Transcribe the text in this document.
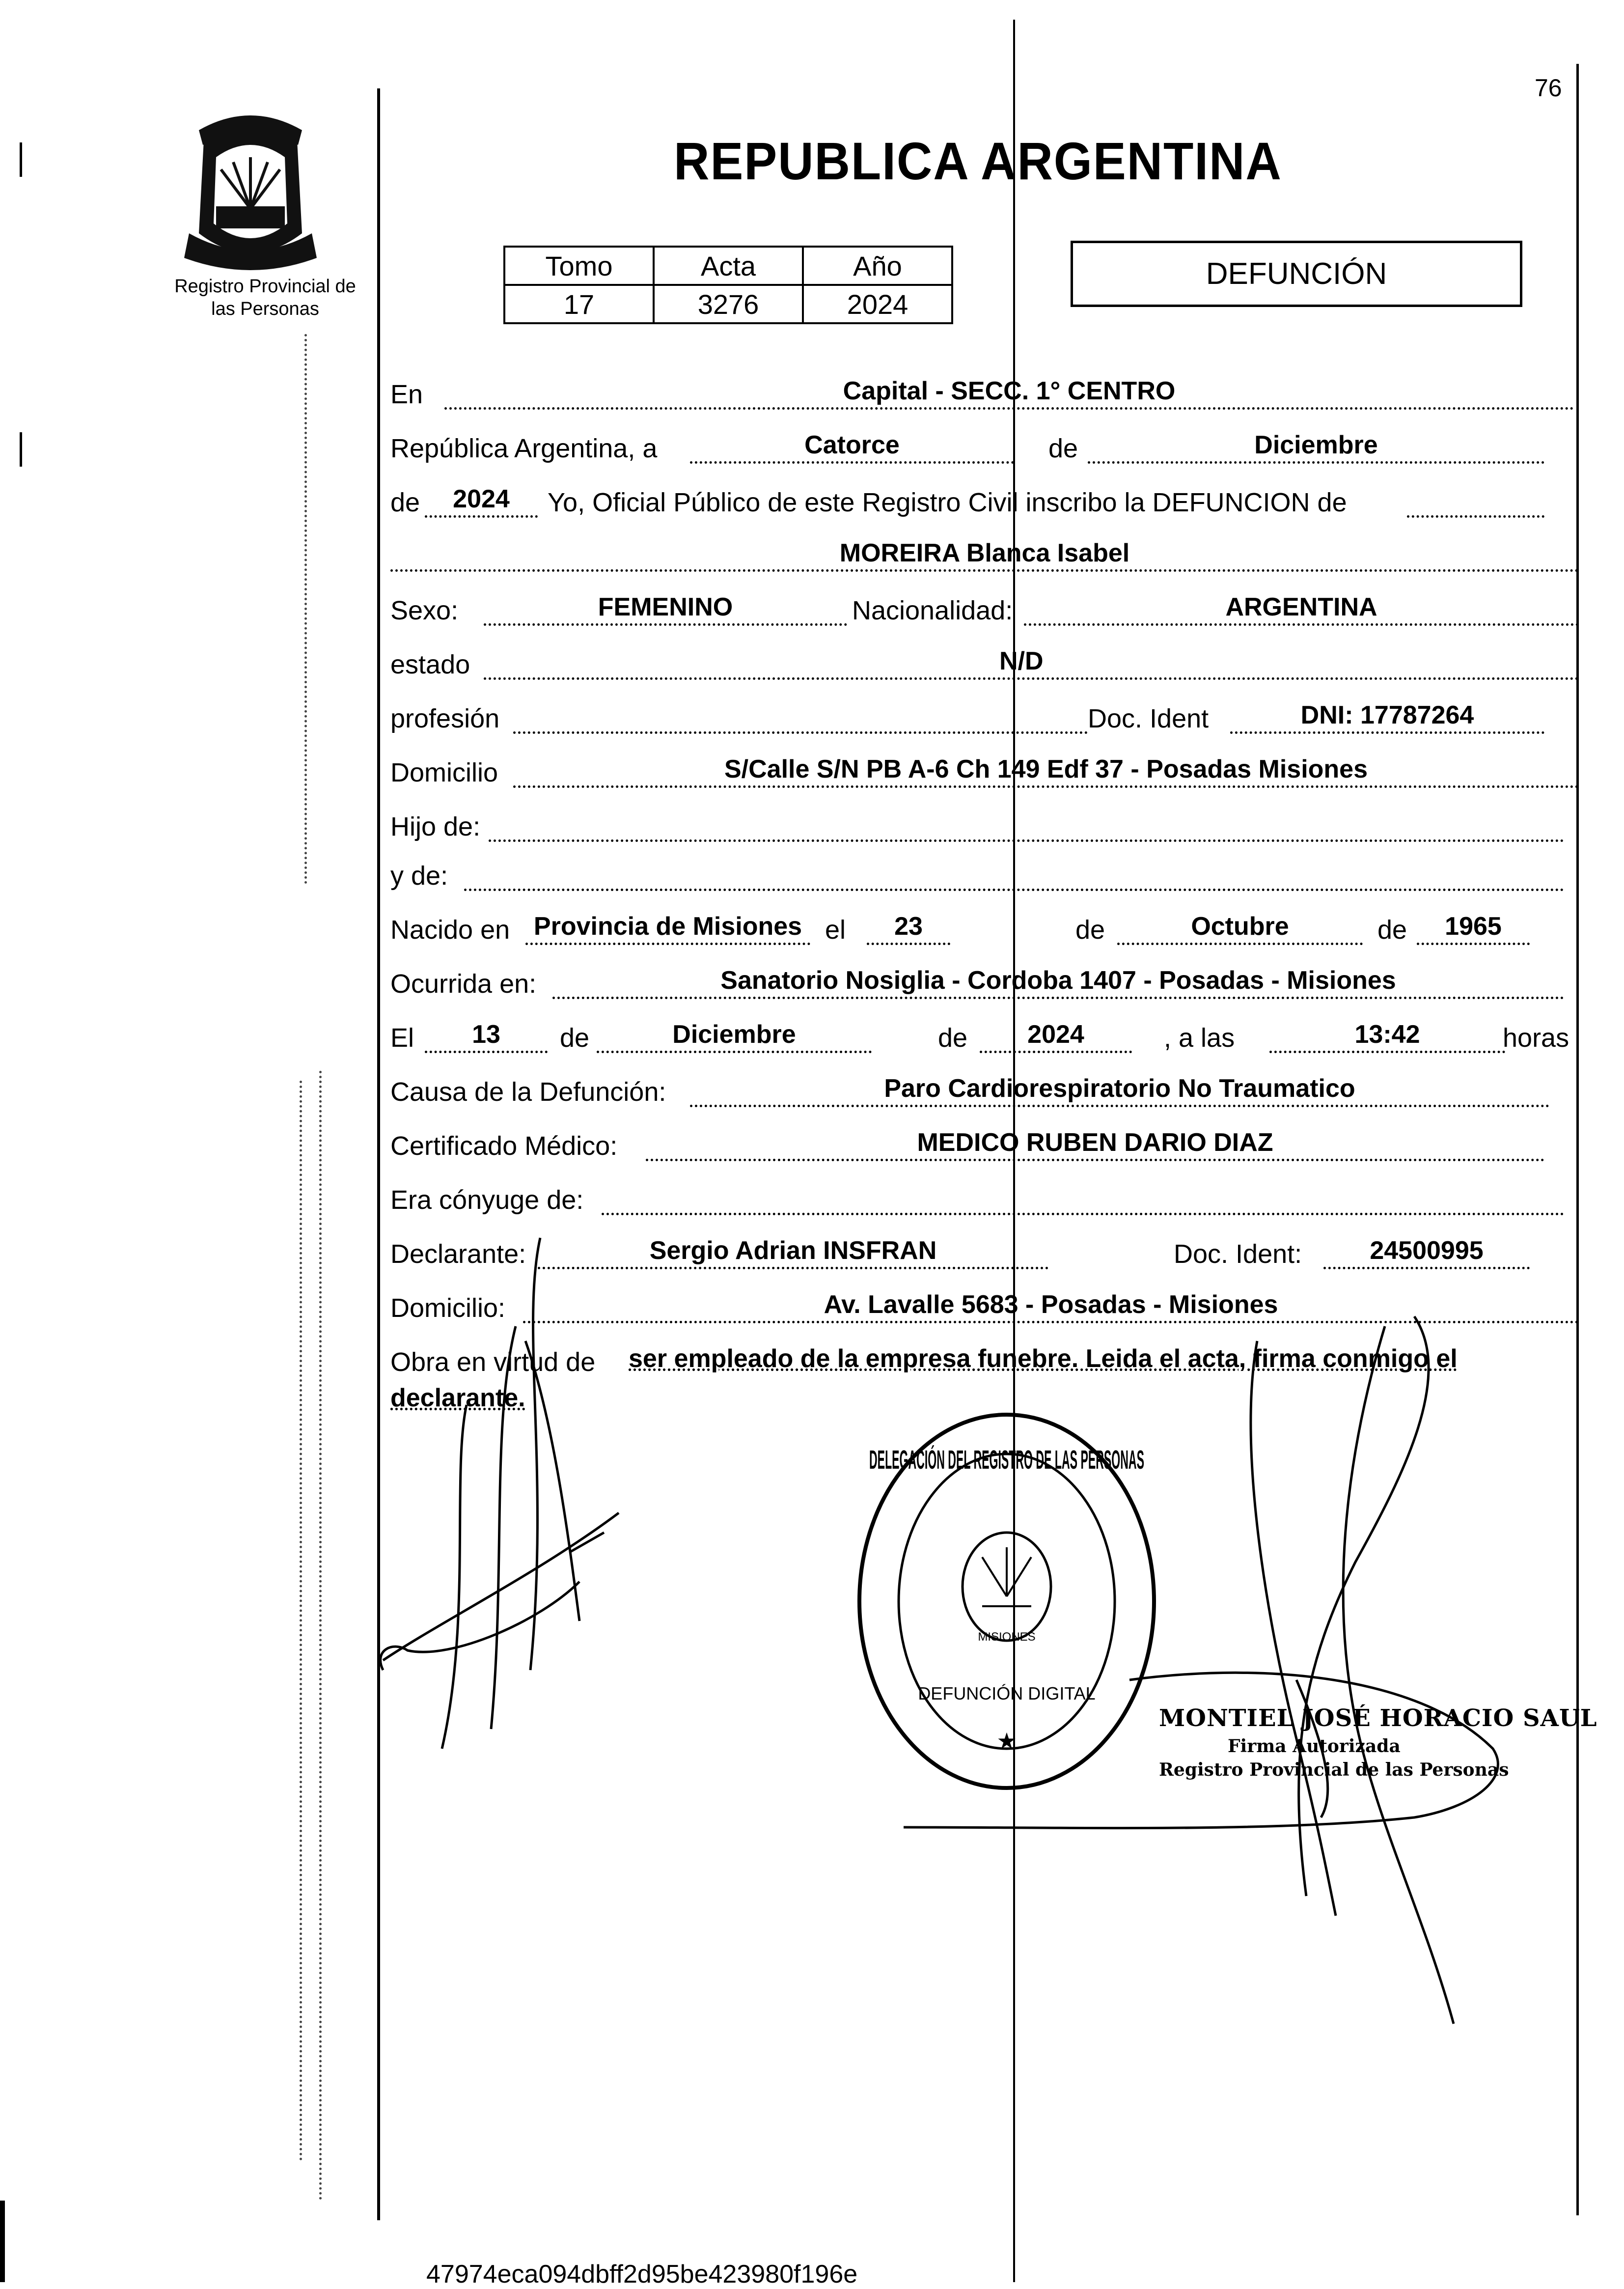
76
REPUBLICA ARGENTINA
Registro Provincial de
las Personas
Tomo	Acta	Año
17	3276	2024
DEFUNCIÓN
En	Capital - SECC. 1° CENTRO
República Argentina, a	Catorce	de	Diciembre
de	2024	Yo, Oficial Público de este Registro Civil inscribo la DEFUNCION de
MOREIRA Blanca Isabel
Sexo:	FEMENINO	Nacionalidad:	ARGENTINA
estado	N/D
profesión	Doc. Ident	DNI: 17787264
Domicilio	S/Calle S/N PB A-6 Ch 149 Edf 37 - Posadas Misiones
Hijo de:
y de:
Nacido en Provincia de Misiones el	23	de	Octubre	de	1965
Ocurrida en:	Sanatorio Nosiglia - Cordoba 1407 - Posadas - Misiones
El	13	de	Diciembre	de	2024	, a las	13:42	horas
Causa de la Defunción:	Paro Cardiorespiratorio No Traumatico
Certificado Médico:	MEDICO RUBEN DARIO DIAZ
Era cónyuge de:
Declarante:	Sergio Adrian INSFRAN	Doc. Ident:	24500995
Domicilio:	Av. Lavalle 5683 - Posadas - Misiones
Obra en virtud de ser empleado de la empresa funebre. Leida el acta, firma conmigo el
declarante.
DELEGACIÓN DEL REGISTRO DE LAS PERSONAS
DEFUNCIÓN DIGITAL
MISIONES
★
MONTIEL JOSÉ HORACIO SAUL
Firma Autorizada
Registro Provincial de las Personas
47974eca094dbff2d95be423980f196e
